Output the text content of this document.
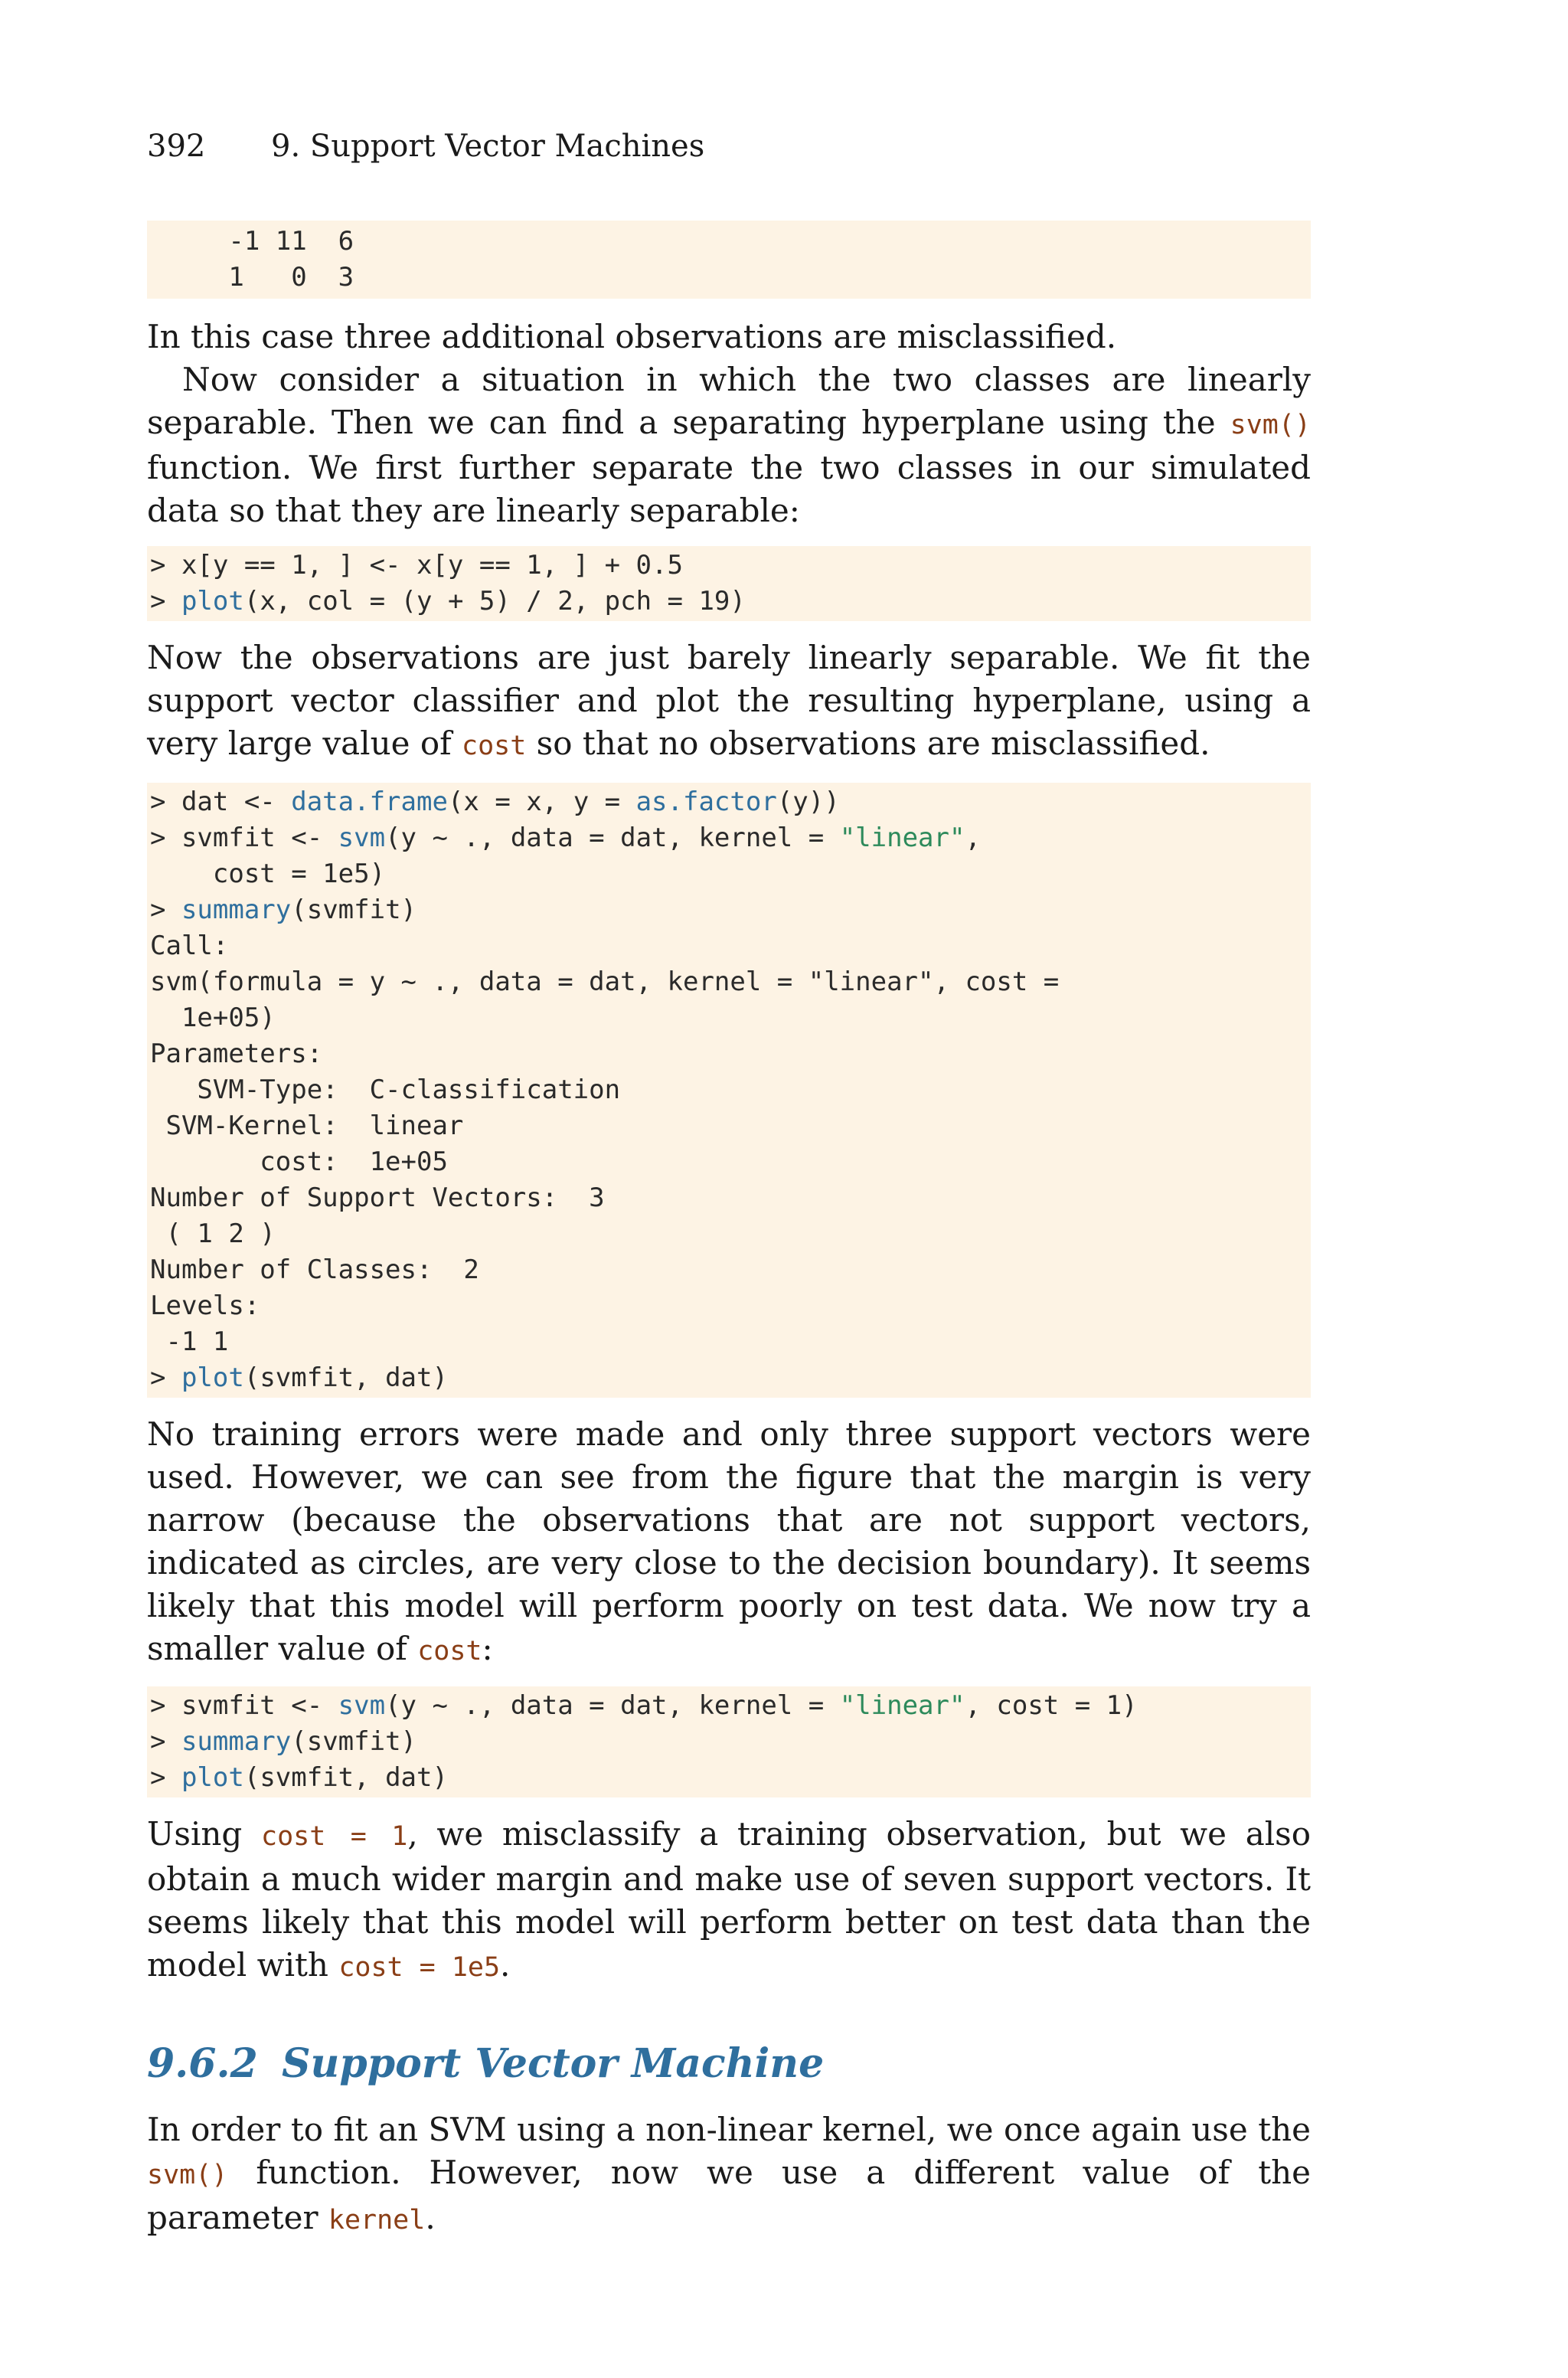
392 9. Support Vector Machines
-1 11  6
1   0  3

In this case three additional observations are misclassified.

Now consider a situation in which the two classes are linearly separable. Then we can find a separating hyperplane using the svm() function. We first further separate the two classes in our simulated data so that they are linearly separable:

> x[y == 1, ] <- x[y == 1, ] + 0.5
> plot(x, col = (y + 5) / 2, pch = 19)

Now the observations are just barely linearly separable. We fit the support vector classifier and plot the resulting hyperplane, using a very large value of cost so that no observations are misclassified.

> dat <- data.frame(x = x, y = as.factor(y))
> svmfit <- svm(y ~ ., data = dat, kernel = "linear",
cost = 1e5)
> summary(svmfit)
Call:
svm(formula = y ~ ., data = dat, kernel = "linear", cost =
1e+05)
Parameters:
SVM-Type:  C-classification
SVM-Kernel:  linear
cost:  1e+05
Number of Support Vectors:  3
( 1 2 )
Number of Classes:  2
Levels:
-1 1
> plot(svmfit, dat)

No training errors were made and only three support vectors were used. However, we can see from the figure that the margin is very narrow (because the observations that are not support vectors, indicated as circles, are very close to the decision boundary). It seems likely that this model will perform poorly on test data. We now try a smaller value of cost:

> svmfit <- svm(y ~ ., data = dat, kernel = "linear", cost = 1)
> summary(svmfit)
> plot(svmfit, dat)

Using cost = 1, we misclassify a training observation, but we also obtain a much wider margin and make use of seven support vectors. It seems likely that this model will perform better on test data than the model with cost = 1e5.

9.6.2 Support Vector Machine

In order to fit an SVM using a non-linear kernel, we once again use the svm() function. However, now we use a different value of the parameter kernel.
